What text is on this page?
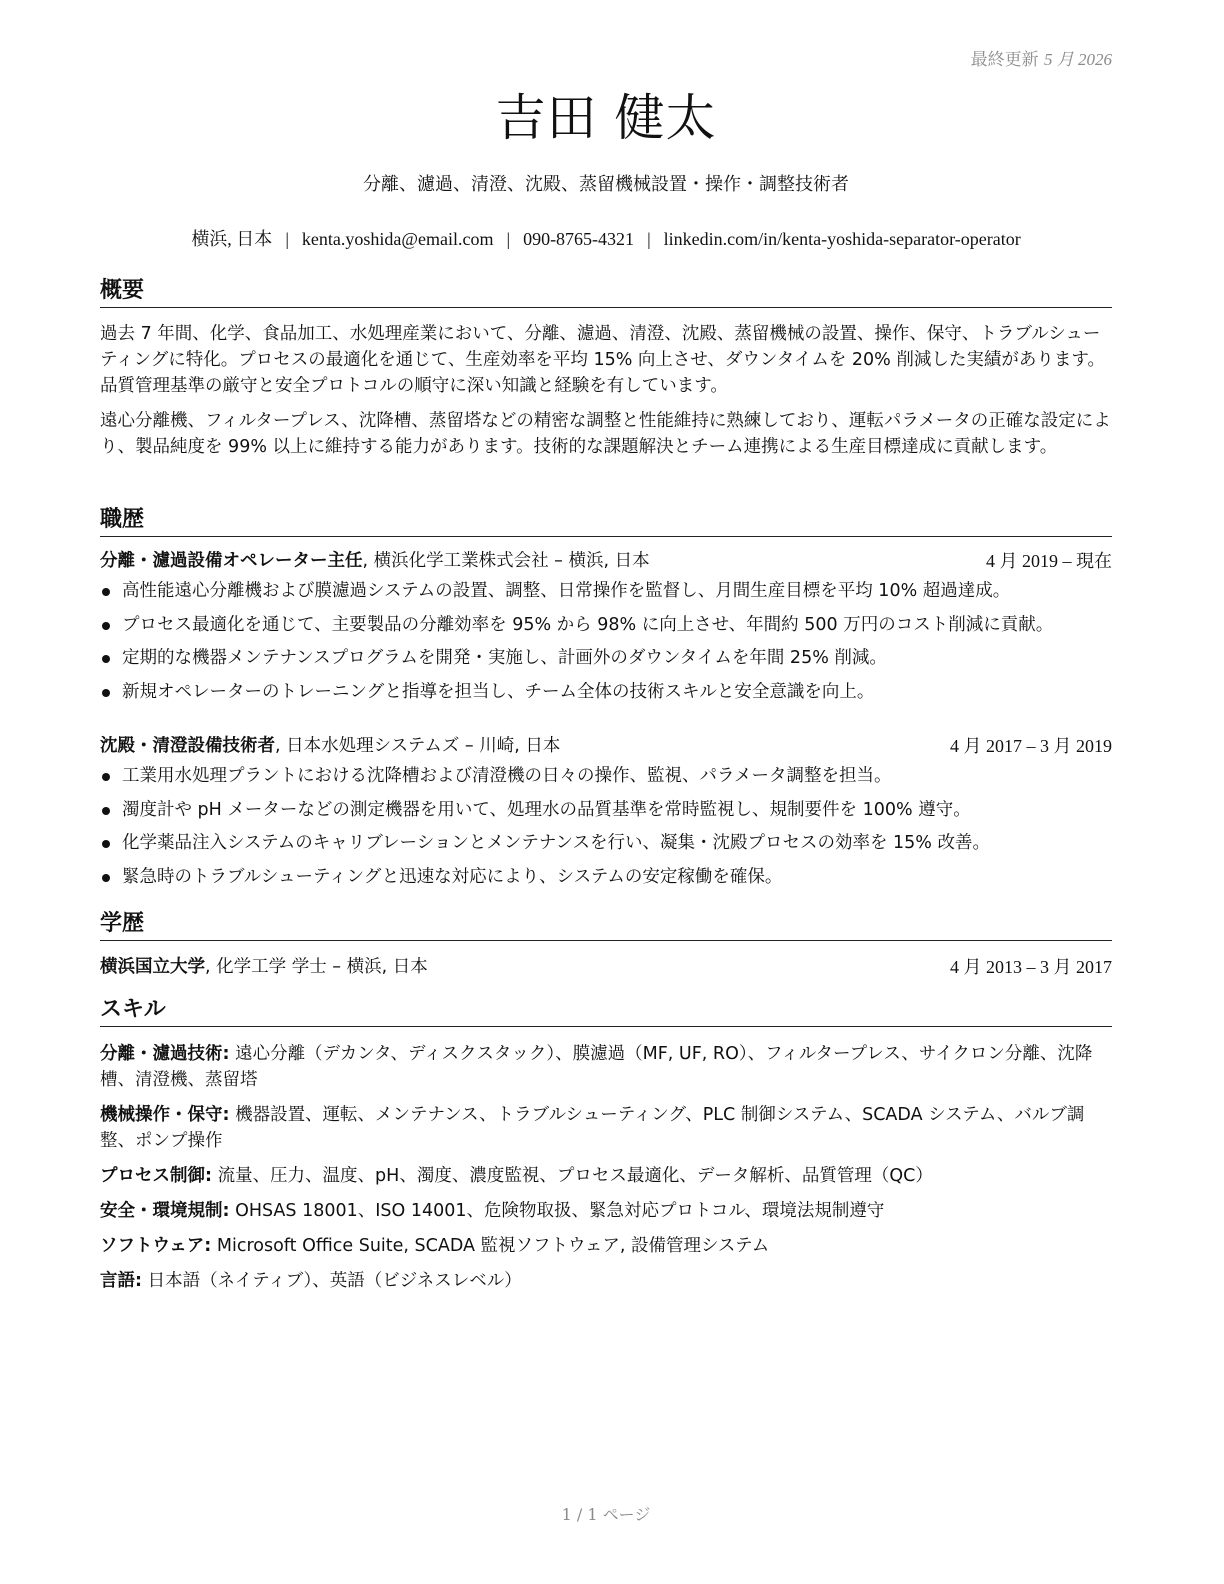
最終更新 5 月 2026
吉田 健太
分離、濾過、清澄、沈殿、蒸留機械設置・操作・調整技術者
横浜, 日本 | kenta.yoshida@email.com | 090-8765-4321 | linkedin.com/in/kenta-yoshida-separator-operator
概要
過去 7 年間、化学、食品加工、水処理産業において、分離、濾過、清澄、沈殿、蒸留機械の設置、操作、保守、トラブルシューティングに特化。プロセスの最適化を通じて、生産効率を平均 15% 向上させ、ダウンタイムを 20% 削減した実績があります。品質管理基準の厳守と安全プロトコルの順守に深い知識と経験を有しています。
遠心分離機、フィルタープレス、沈降槽、蒸留塔などの精密な調整と性能維持に熟練しており、運転パラメータの正確な設定により、製品純度を 99% 以上に維持する能力があります。技術的な課題解決とチーム連携による生産目標達成に貢献します。
職歴
分離・濾過設備オペレーター主任, 横浜化学工業株式会社 – 横浜, 日本	4 月 2019 – 現在
高性能遠心分離機および膜濾過システムの設置、調整、日常操作を監督し、月間生産目標を平均 10% 超過達成。
プロセス最適化を通じて、主要製品の分離効率を 95% から 98% に向上させ、年間約 500 万円のコスト削減に貢献。
定期的な機器メンテナンスプログラムを開発・実施し、計画外のダウンタイムを年間 25% 削減。
新規オペレーターのトレーニングと指導を担当し、チーム全体の技術スキルと安全意識を向上。
沈殿・清澄設備技術者, 日本水処理システムズ – 川崎, 日本	4 月 2017 – 3 月 2019
工業用水処理プラントにおける沈降槽および清澄機の日々の操作、監視、パラメータ調整を担当。
濁度計や pH メーターなどの測定機器を用いて、処理水の品質基準を常時監視し、規制要件を 100% 遵守。
化学薬品注入システムのキャリブレーションとメンテナンスを行い、凝集・沈殿プロセスの効率を 15% 改善。
緊急時のトラブルシューティングと迅速な対応により、システムの安定稼働を確保。
学歴
横浜国立大学, 化学工学 学士 – 横浜, 日本	4 月 2013 – 3 月 2017
スキル
分離・濾過技術: 遠心分離（デカンタ、ディスクスタック）、膜濾過（MF, UF, RO）、フィルタープレス、サイクロン分離、沈降槽、清澄機、蒸留塔
機械操作・保守: 機器設置、運転、メンテナンス、トラブルシューティング、PLC 制御システム、SCADA システム、バルブ調整、ポンプ操作
プロセス制御: 流量、圧力、温度、pH、濁度、濃度監視、プロセス最適化、データ解析、品質管理（QC）
安全・環境規制: OHSAS 18001、ISO 14001、危険物取扱、緊急対応プロトコル、環境法規制遵守
ソフトウェア: Microsoft Office Suite, SCADA 監視ソフトウェア, 設備管理システム
言語: 日本語（ネイティブ）、英語（ビジネスレベル）
1 / 1 ページ
